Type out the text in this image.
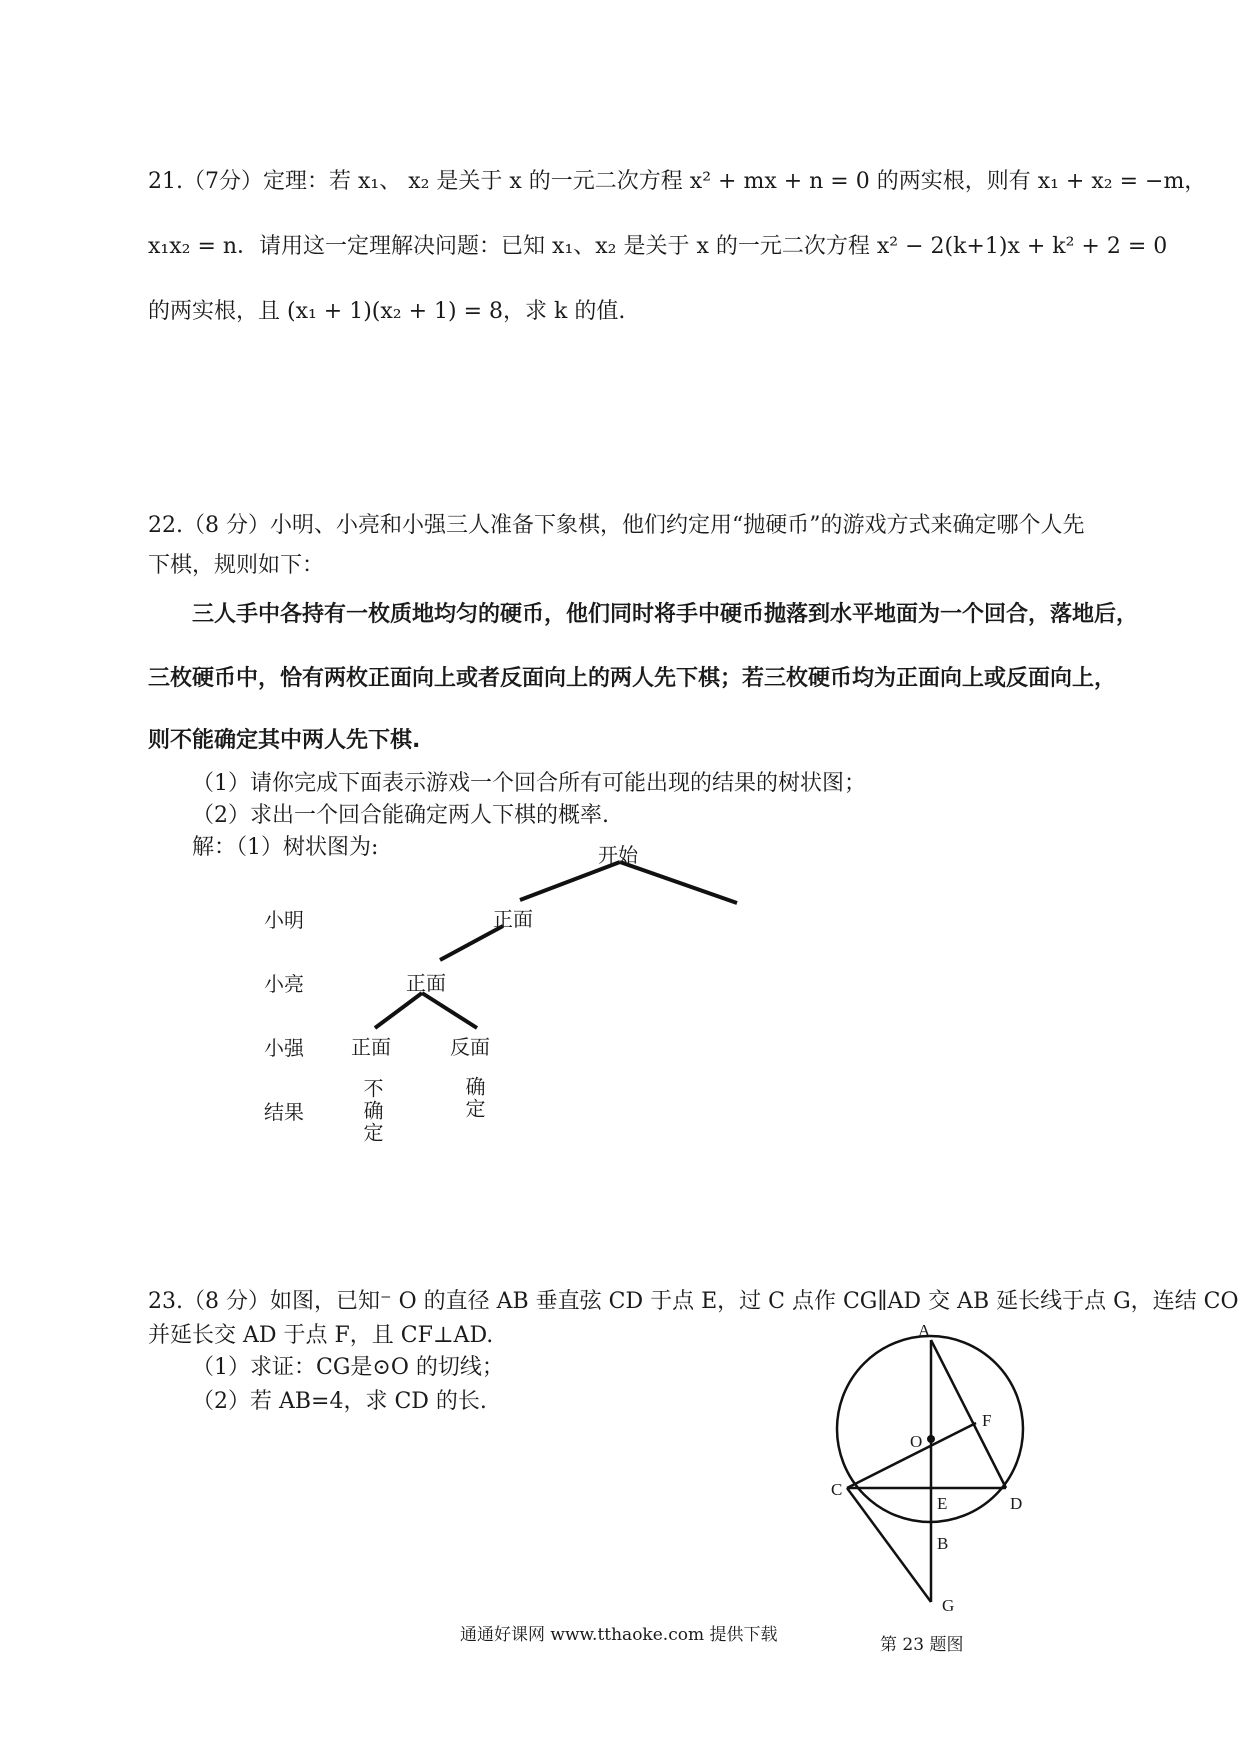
21.（7分）定理：若 x₁、 x₂ 是关于 x 的一元二次方程 x² + mx + n = 0 的两实根，则有 x₁ + x₂ = −m，
x₁x₂ = n．请用这一定理解决问题：已知 x₁、x₂ 是关于 x 的一元二次方程 x² − 2(k+1)x + k² + 2 = 0
的两实根，且 (x₁ + 1)(x₂ + 1) = 8，求 k 的值.
22.（8 分）小明、小亮和小强三人准备下象棋，他们约定用“抛硬币”的游戏方式来确定哪个人先
下棋，规则如下：
三人手中各持有一枚质地均匀的硬币，他们同时将手中硬币抛落到水平地面为一个回合，落地后，
三枚硬币中，恰有两枚正面向上或者反面向上的两人先下棋；若三枚硬币均为正面向上或反面向上，
则不能确定其中两人先下棋.
（1）请你完成下面表示游戏一个回合所有可能出现的结果的树状图；
（2）求出一个回合能确定两人下棋的概率.
解：（1）树状图为:	开始
小明	正面
小亮	正面
小强 正面	反面
结果	不确定	确定
23.（8 分）如图，已知⁻ O 的直径 AB 垂直弦 CD 于点 E，过 C 点作 CG∥AD 交 AB 延长线于点 G，连结 CO
并延长交 AD 于点 F，且 CF⊥AD.
（1）求证：CG是⊙O 的切线；
（2）若 AB=4，求 CD 的长.
A
O
F
C
E	D
B
G
第 23 题图
通通好课网 www.tthaoke.com 提供下载
